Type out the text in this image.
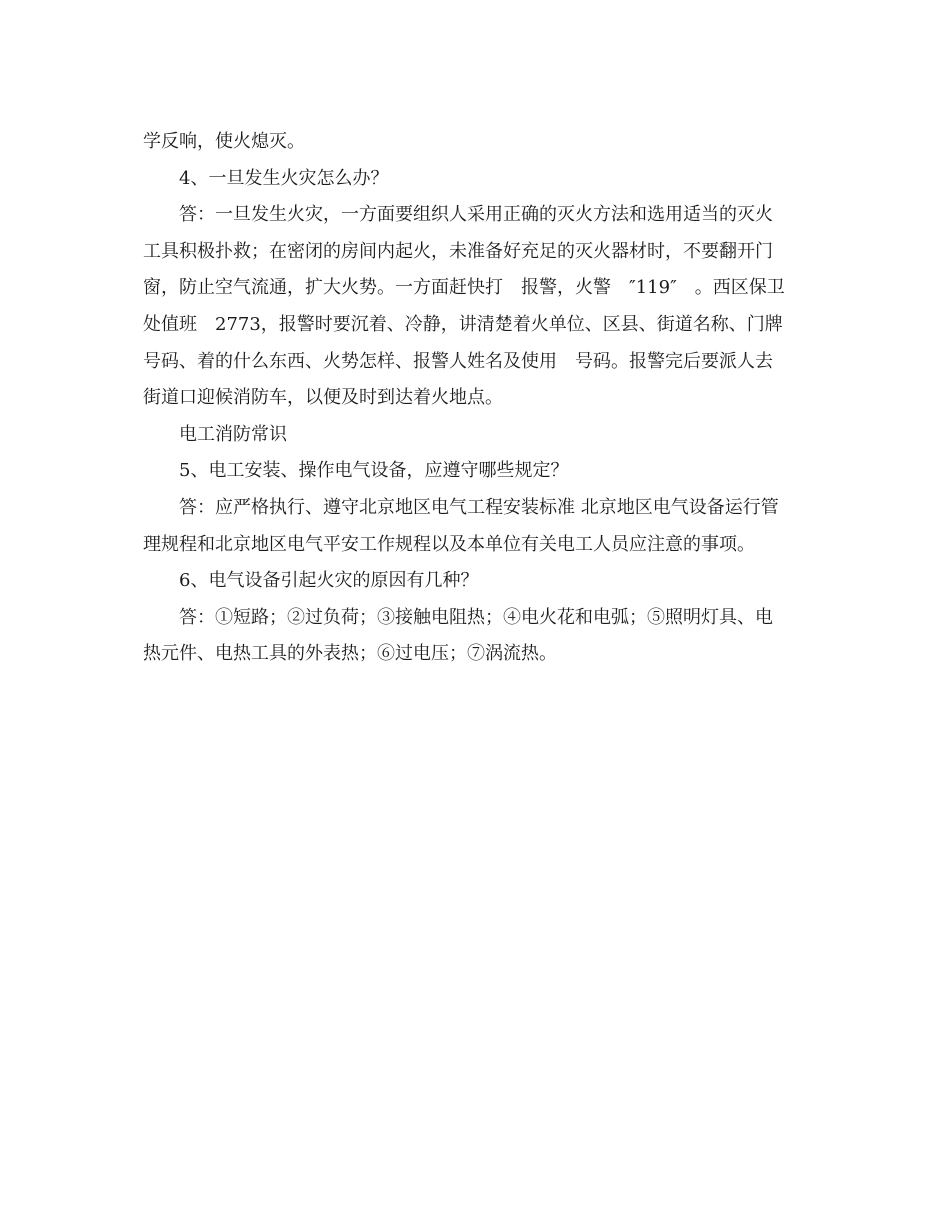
学反响，使火熄灭。

4、一旦发生火灾怎么办？

答：一旦发生火灾，一方面要组织人采用正确的灭火方法和选用适当的灭火

工具积极扑救；在密闭的房间内起火，未准备好充足的灭火器材时，不要翻开门

窗，防止空气流通，扩大火势。一方面赶快打　报警，火警　″119″　。西区保卫

处值班　2773，报警时要沉着、冷静，讲清楚着火单位、区县、街道名称、门牌

号码、着的什么东西、火势怎样、报警人姓名及使用　号码。报警完后要派人去

街道口迎候消防车，以便及时到达着火地点。

电工消防常识

5、电工安装、操作电气设备，应遵守哪些规定？

答：应严格执行、遵守北京地区电气工程安装标准 北京地区电气设备运行管

理规程和北京地区电气平安工作规程以及本单位有关电工人员应注意的事项。

6、电气设备引起火灾的原因有几种？

答：①短路；②过负荷；③接触电阻热；④电火花和电弧；⑤照明灯具、电

热元件、电热工具的外表热；⑥过电压；⑦涡流热。
